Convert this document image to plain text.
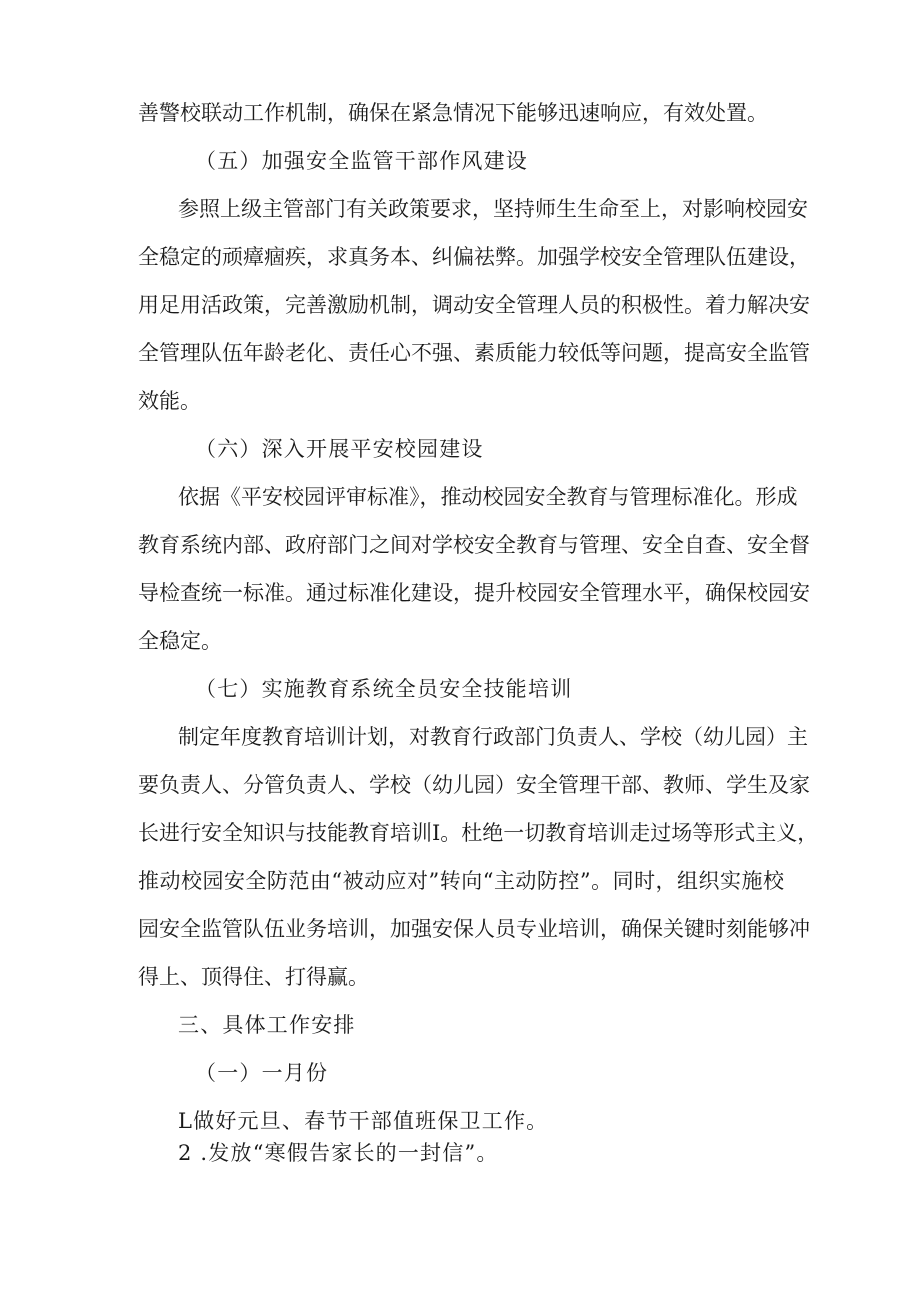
善警校联动工作机制，确保在紧急情况下能够迅速响应，有效处置。
（五）加强安全监管干部作风建设
参照上级主管部门有关政策要求，坚持师生生命至上，对影响校园安
全稳定的顽瘴痼疾，求真务本、纠偏祛弊。加强学校安全管理队伍建设，
用足用活政策，完善激励机制，调动安全管理人员的积极性。着力解决安
全管理队伍年龄老化、责任心不强、素质能力较低等问题，提高安全监管
效能。
（六）深入开展平安校园建设
依据《平安校园评审标准》，推动校园安全教育与管理标准化。形成
教育系统内部、政府部门之间对学校安全教育与管理、安全自查、安全督
导检查统一标准。通过标准化建设，提升校园安全管理水平，确保校园安
全稳定。
（七）实施教育系统全员安全技能培训
制定年度教育培训计划，对教育行政部门负责人、学校（幼儿园）主
要负责人、分管负责人、学校（幼儿园）安全管理干部、教师、学生及家
长进行安全知识与技能教育培训I。杜绝一切教育培训走过场等形式主义，
推动校园安全防范由“被动应对”转向“主动防控”。同时，组织实施校
园安全监管队伍业务培训，加强安保人员专业培训，确保关键时刻能够冲
得上、顶得住、打得赢。
三、具体工作安排
（一）一月份
L做好元旦、春节干部值班保卫工作。
2 .发放“寒假告家长的一封信”。
